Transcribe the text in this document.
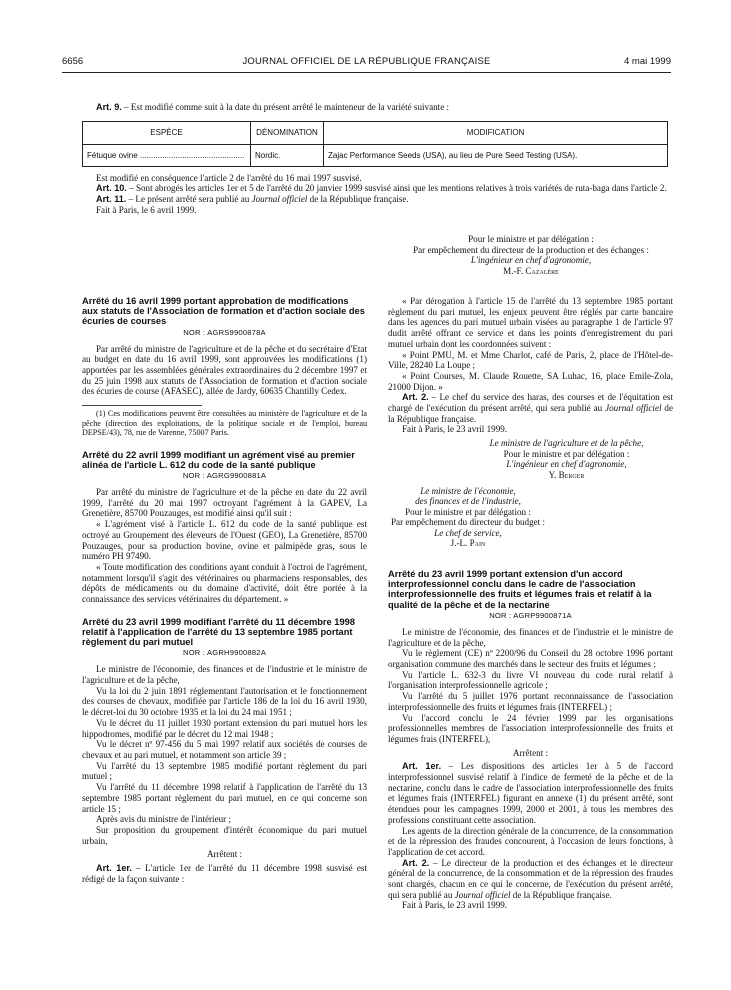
6656	JOURNAL OFFICIEL DE LA RÉPUBLIQUE FRANÇAISE	4 mai 1999

Art. 9. – Est modifié comme suit à la date du présent arrêté le mainteneur de la variété suivante :

ESPÈCE	DÉNOMINATION	MODIFICATION
Fétuque ovine ...............................................	Nordic.	Zajac Performance Seeds (USA), au lieu de Pure Seed Testing (USA).

Est modifié en conséquence l'article 2 de l'arrêté du 16 mai 1997 susvisé.

Art. 10. – Sont abrogés les articles 1er et 5 de l'arrêté du 20 janvier 1999 susvisé ainsi que les mentions relatives à trois variétés de ruta-baga dans l'article 2.

Art. 11. – Le présent arrêté sera publié au Journal officiel de la République française.

Fait à Paris, le 6 avril 1999.

Pour le ministre et par délégation :
Par empêchement du directeur de la production et des échanges :
L'ingénieur en chef d'agronomie,
M.-F. Cazalère

Arrêté du 16 avril 1999 portant approbation de modifications aux statuts de l'Association de formation et d'action sociale des écuries de courses

NOR : AGRS9900878A

Par arrêté du ministre de l'agriculture et de la pêche et du secrétaire d'Etat au budget en date du 16 avril 1999, sont approuvées les modifications (1) apportées par les assemblées générales extraordinaires du 2 décembre 1997 et du 25 juin 1998 aux statuts de l'Association de formation et d'action sociale des écuries de course (AFASEC), allée de Jardy, 60635 Chantilly Cedex.

(1) Ces modifications peuvent être consultées au ministère de l'agriculture et de la pêche (direction des exploitations, de la politique sociale et de l'emploi, bureau DEPSE/43), 78, rue de Varenne, 75007 Paris.

Arrêté du 22 avril 1999 modifiant un agrément visé au premier alinéa de l'article L. 612 du code de la santé publique

NOR : AGRG9900881A

Par arrêté du ministre de l'agriculture et de la pêche en date du 22 avril 1999, l'arrêté du 20 mai 1997 octroyant l'agrément à la GAPEV, La Grenetière, 85700 Pouzauges, est modifié ainsi qu'il suit :

« L'agrément visé à l'article L. 612 du code de la santé publique est octroyé au Groupement des éleveurs de l'Ouest (GEO), La Grenetière, 85700 Pouzauges, pour sa production bovine, ovine et palmipède gras, sous le numéro PH 97490.

« Toute modification des conditions ayant conduit à l'octroi de l'agrément, notamment lorsqu'il s'agit des vétérinaires ou pharmaciens responsables, des dépôts de médicaments ou du domaine d'activité, doit être portée à la connaissance des services vétérinaires du département. »

Arrêté du 23 avril 1999 modifiant l'arrêté du 11 décembre 1998 relatif à l'application de l'arrêté du 13 septembre 1985 portant règlement du pari mutuel

NOR : AGRH9900882A

Le ministre de l'économie, des finances et de l'industrie et le ministre de l'agriculture et de la pêche,

Vu la loi du 2 juin 1891 réglementant l'autorisation et le fonctionnement des courses de chevaux, modifiée par l'article 186 de la loi du 16 avril 1930, le décret-loi du 30 octobre 1935 et la loi du 24 mai 1951 ;

Vu le décret du 11 juillet 1930 portant extension du pari mutuel hors les hippodromes, modifié par le décret du 12 mai 1948 ;

Vu le décret nº 97-456 du 5 mai 1997 relatif aux sociétés de courses de chevaux et au pari mutuel, et notamment son article 39 ;

Vu l'arrêté du 13 septembre 1985 modifié portant règlement du pari mutuel ;

Vu l'arrêté du 11 décembre 1998 relatif à l'application de l'arrêté du 13 septembre 1985 portant règlement du pari mutuel, en ce qui concerne son article 15 ;

Après avis du ministre de l'intérieur ;

Sur proposition du groupement d'intérêt économique du pari mutuel urbain,

Arrêtent :

Art. 1er. – L'article 1er de l'arrêté du 11 décembre 1998 susvisé est rédigé de la façon suivante :

« Par dérogation à l'article 15 de l'arrêté du 13 septembre 1985 portant règlement du pari mutuel, les enjeux peuvent être réglés par carte bancaire dans les agences du pari mutuel urbain visées au paragraphe 1 de l'article 97 dudit arrêté offrant ce service et dans les points d'enregistrement du pari mutuel urbain dont les coordonnées suivent :

« Point PMU, M. et Mme Charlot, café de Paris, 2, place de l'Hôtel-de-Ville, 28240 La Loupe ;

« Point Courses, M. Claude Rouette, SA Luhac, 16, place Emile-Zola, 21000 Dijon. »

Art. 2. – Le chef du service des haras, des courses et de l'équitation est chargé de l'exécution du présent arrêté, qui sera publié au Journal officiel de la République française.

Fait à Paris, le 23 avril 1999.

Le ministre de l'agriculture et de la pêche,
Pour le ministre et par délégation :
L'ingénieur en chef d'agronomie,
Y. Berger
Le ministre de l'économie,
des finances et de l'industrie,
Pour le ministre et par délégation :
Par empêchement du directeur du budget :
Le chef de service,
J.-L. Pain

Arrêté du 23 avril 1999 portant extension d'un accord interprofessionnel conclu dans le cadre de l'association interprofessionnelle des fruits et légumes frais et relatif à la qualité de la pêche et de la nectarine

NOR : AGRP9900871A

Le ministre de l'économie, des finances et de l'industrie et le ministre de l'agriculture et de la pêche,

Vu le règlement (CE) nº 2200/96 du Conseil du 28 octobre 1996 portant organisation commune des marchés dans le secteur des fruits et légumes ;

Vu l'article L. 632-3 du livre VI nouveau du code rural relatif à l'organisation interprofessionnelle agricole ;

Vu l'arrêté du 5 juillet 1976 portant reconnaissance de l'association interprofessionnelle des fruits et légumes frais (INTERFEL) ;

Vu l'accord conclu le 24 février 1999 par les organisations professionnelles membres de l'association interprofessionnelle des fruits et légumes frais (INTERFEL),

Arrêtent :

Art. 1er. – Les dispositions des articles 1er à 5 de l'accord interprofessionnel susvisé relatif à l'indice de fermeté de la pêche et de la nectarine, conclu dans le cadre de l'association interprofessionnelle des fruits et légumes frais (INTERFEL) figurant en annexe (1) du présent arrêté, sont étendues pour les campagnes 1999, 2000 et 2001, à tous les membres des professions constituant cette association.

Les agents de la direction générale de la concurrence, de la consommation et de la répression des fraudes concourent, à l'occasion de leurs fonctions, à l'application de cet accord.

Art. 2. – Le directeur de la production et des échanges et le directeur général de la concurrence, de la consommation et de la répression des fraudes sont chargés, chacun en ce qui le concerne, de l'exécution du présent arrêté, qui sera publié au Journal officiel de la République française.

Fait à Paris, le 23 avril 1999.
